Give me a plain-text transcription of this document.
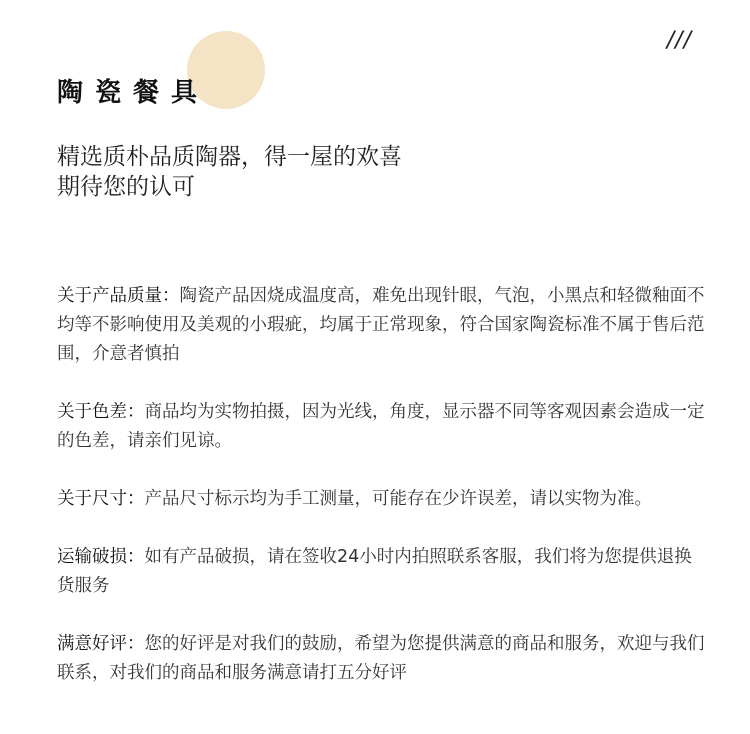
///
陶瓷餐具
精选质朴品质陶器，得一屋的欢喜
期待您的认可
关于产品质量：陶瓷产品因烧成温度高，难免出现针眼，气泡，小黑点和轻微釉面不均等不影响使用及美观的小瑕疵，均属于正常现象，符合国家陶瓷标准不属于售后范围，介意者慎拍
关于色差：商品均为实物拍摄，因为光线，角度，显示器不同等客观因素会造成一定的色差，请亲们见谅。
关于尺寸：产品尺寸标示均为手工测量，可能存在少许误差，请以实物为准。
运输破损：如有产品破损，请在签收24小时内拍照联系客服，我们将为您提供退换货服务
满意好评：您的好评是对我们的鼓励，希望为您提供满意的商品和服务，欢迎与我们联系，对我们的商品和服务满意请打五分好评
